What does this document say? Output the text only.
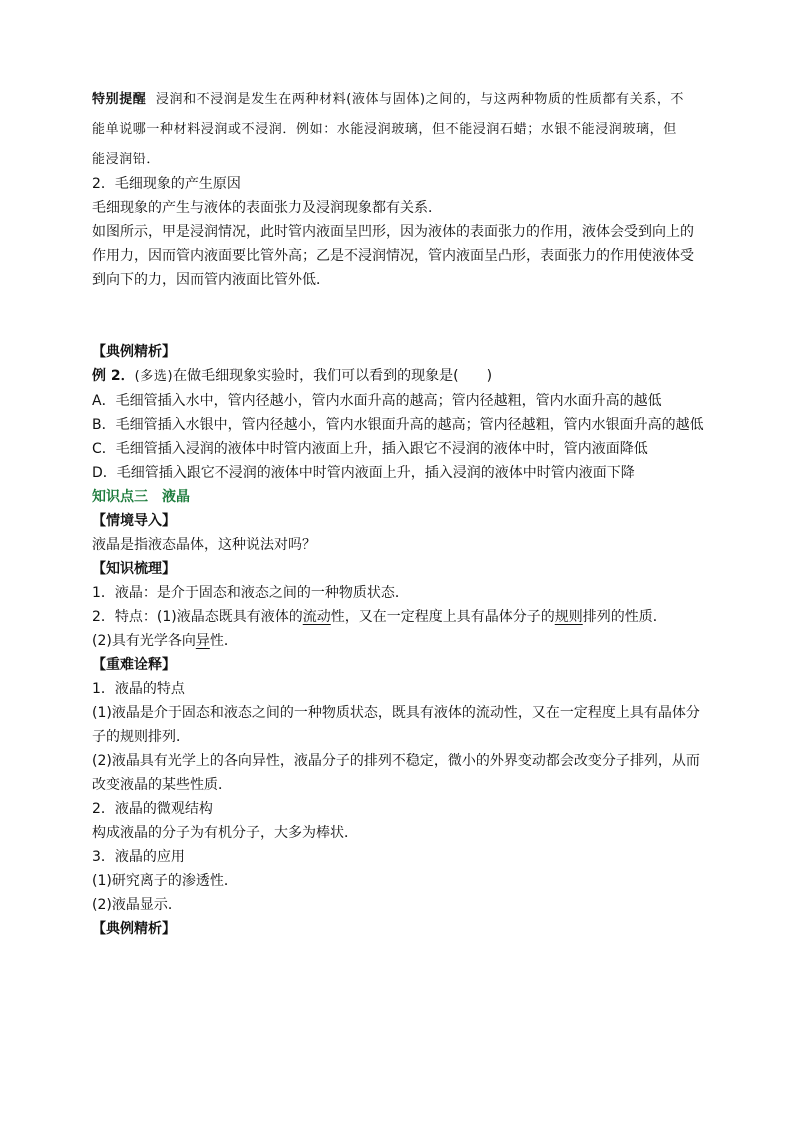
特别提醒 浸润和不浸润是发生在两种材料(液体与固体)之间的，与这两种物质的性质都有关系，不
能单说哪一种材料浸润或不浸润．例如：水能浸润玻璃，但不能浸润石蜡；水银不能浸润玻璃，但
能浸润铅．
2．毛细现象的产生原因
毛细现象的产生与液体的表面张力及浸润现象都有关系．
如图所示，甲是浸润情况，此时管内液面呈凹形，因为液体的表面张力的作用，液体会受到向上的
作用力，因而管内液面要比管外高；乙是不浸润情况，管内液面呈凸形，表面张力的作用使液体受
到向下的力，因而管内液面比管外低．
【典例精析】
例 2．(多选)在做毛细现象实验时，我们可以看到的现象是(　　)
A．毛细管插入水中，管内径越小，管内水面升高的越高；管内径越粗，管内水面升高的越低
B．毛细管插入水银中，管内径越小，管内水银面升高的越高；管内径越粗，管内水银面升高的越低
C．毛细管插入浸润的液体中时管内液面上升，插入跟它不浸润的液体中时，管内液面降低
D．毛细管插入跟它不浸润的液体中时管内液面上升，插入浸润的液体中时管内液面下降
知识点三　液晶
【情境导入】
液晶是指液态晶体，这种说法对吗？
【知识梳理】
1．液晶：是介于固态和液态之间的一种物质状态．
2．特点：(1)液晶态既具有液体的流动性，又在一定程度上具有晶体分子的规则排列的性质．
(2)具有光学各向异性．
【重难诠释】
1．液晶的特点
(1)液晶是介于固态和液态之间的一种物质状态，既具有液体的流动性，又在一定程度上具有晶体分
子的规则排列．
(2)液晶具有光学上的各向异性，液晶分子的排列不稳定，微小的外界变动都会改变分子排列，从而
改变液晶的某些性质．
2．液晶的微观结构
构成液晶的分子为有机分子，大多为棒状．
3．液晶的应用
(1)研究离子的渗透性．
(2)液晶显示．
【典例精析】
